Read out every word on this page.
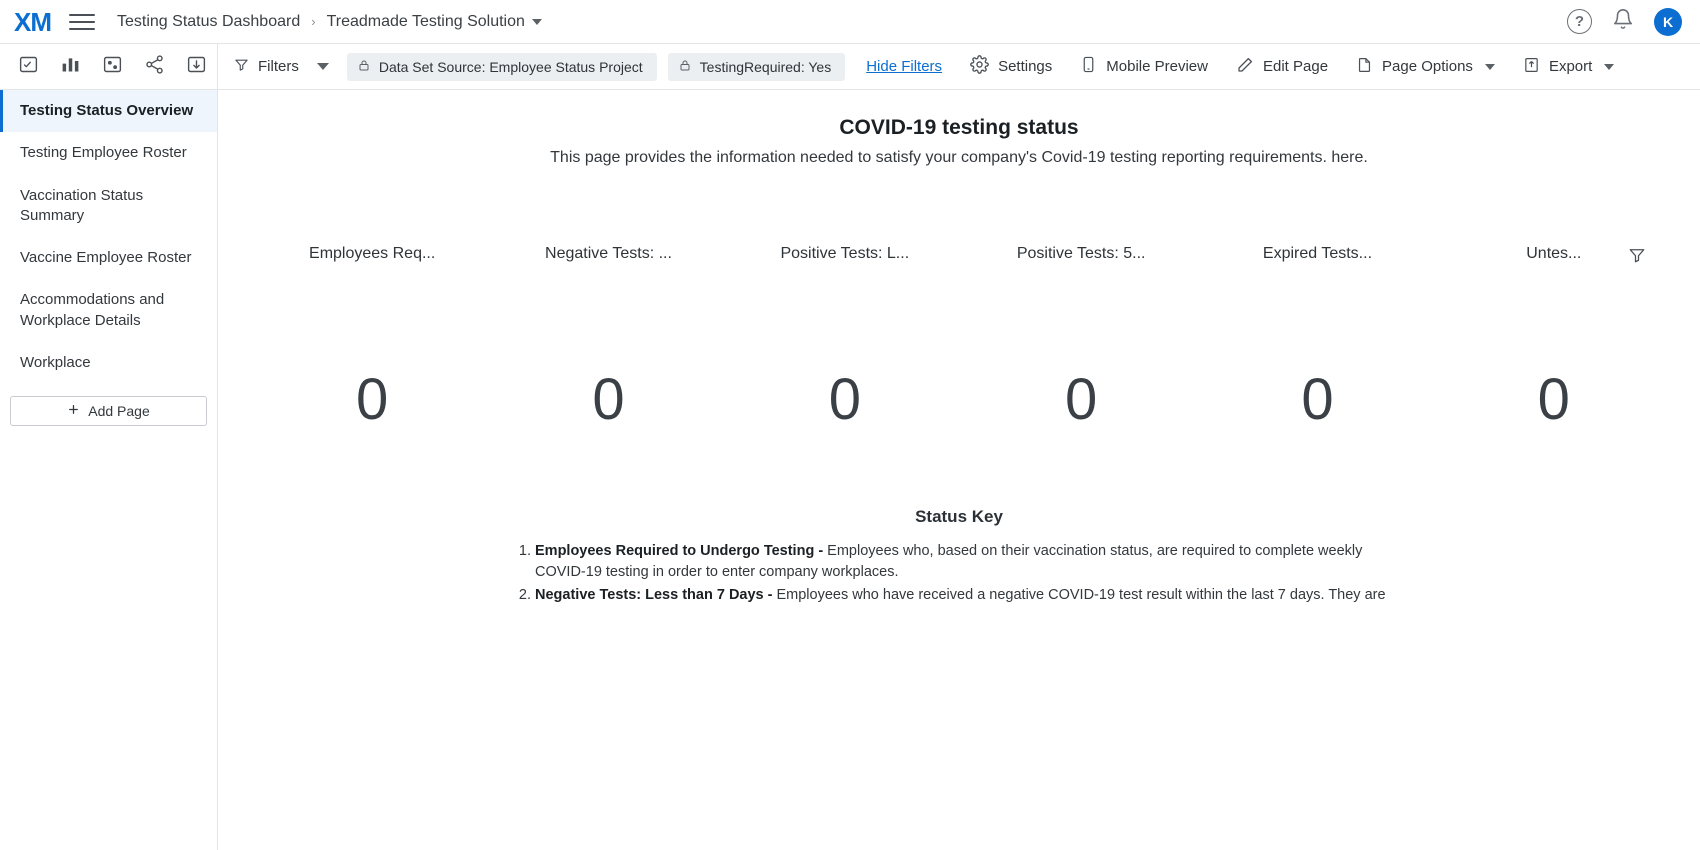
XM	Testing Status Dashboard › Treadmade Testing Solution	?	K
Testing Status Overview
Testing Employee Roster
Vaccination Status Summary
Vaccine Employee Roster
Accommodations and Workplace Details
Workplace
Add Page
Filters	Data Set Source: Employee Status Project	TestingRequired: Yes Hide Filters	Settings	Mobile Preview	Edit Page	Page Options	Export
COVID-19 testing status
This page provides the information needed to satisfy your company's Covid-19 testing reporting requirements. here.
Employees Req...
0
Negative Tests: ...
0
Positive Tests: L...
0
Positive Tests: 5...
0
Expired Tests...
0
Untes...
0
Status Key
1. Employees Required to Undergo Testing - Employees who, based on their vaccination status, are required to complete weekly COVID-19 testing in order to enter company workplaces.
2. Negative Tests: Less than 7 Days - Employees who have received a negative COVID-19 test result within the last 7 days. They are
